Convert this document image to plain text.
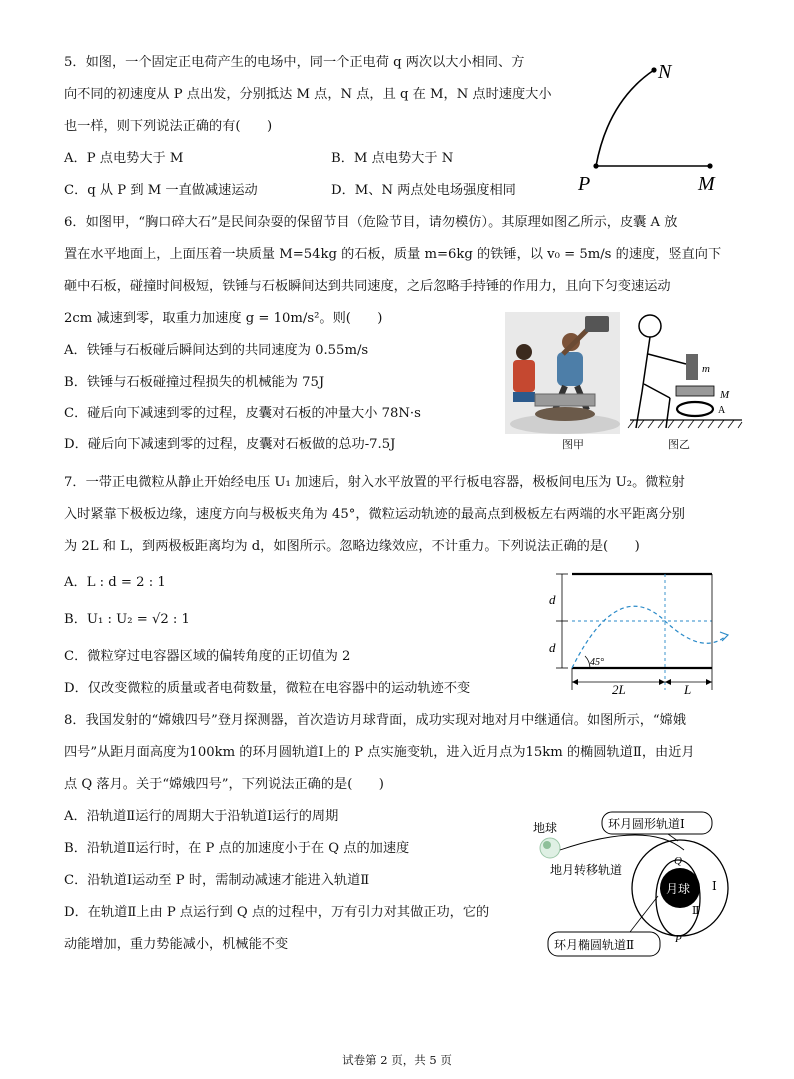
5．如图，一个固定正电荷产生的电场中，同一个正电荷 q 两次以大小相同、方
向不同的初速度从 P 点出发，分别抵达 M 点，N 点，且 q 在 M，N 点时速度大小
也一样，则下列说法正确的有(　　)
A．P 点电势大于 M	B．M 点电势大于 N
C．q 从 P 到 M 一直做减速运动	D．M、N 两点处电场强度相同
N
P	M
6．如图甲，“胸口碎大石”是民间杂耍的保留节目（危险节目，请勿模仿）。其原理如图乙所示，皮囊 A 放
置在水平地面上，上面压着一块质量 M=54kg 的石板，质量 m=6kg 的铁锤，以 v₀ = 5m/s 的速度，竖直向下
砸中石板，碰撞时间极短，铁锤与石板瞬间达到共同速度，之后忽略手持锤的作用力，且向下匀变速运动
2cm 减速到零，取重力加速度 g = 10m/s²。则(　　)
A．铁锤与石板碰后瞬间达到的共同速度为 0.55m/s
B．铁锤与石板碰撞过程损失的机械能为 75J
C．碰后向下减速到零的过程，皮囊对石板的冲量大小 78N·s
D．碰后向下减速到零的过程，皮囊对石板做的总功-7.5J
m
M
A
图甲	图乙
7．一带正电微粒从静止开始经电压 U₁ 加速后，射入水平放置的平行板电容器，极板间电压为 U₂。微粒射
入时紧靠下极板边缘，速度方向与极板夹角为 45°，微粒运动轨迹的最高点到极板左右两端的水平距离分别
为 2L 和 L，到两极板距离均为 d，如图所示。忽略边缘效应，不计重力。下列说法正确的是(　　)
A．L : d = 2 : 1
B．U₁ : U₂ = √2 : 1
C．微粒穿过电容器区域的偏转角度的正切值为 2
D．仅改变微粒的质量或者电荷数量，微粒在电容器中的运动轨迹不变
d
d
45°
2L	L
8．我国发射的“嫦娥四号”登月探测器，首次造访月球背面，成功实现对地对月中继通信。如图所示，“嫦娥
四号”从距月面高度为100km 的环月圆轨道Ⅰ上的 P 点实施变轨，进入近月点为15km 的椭圆轨道Ⅱ，由近月
点 Q 落月。关于“嫦娥四号”，下列说法正确的是(　　)
A．沿轨道Ⅱ运行的周期大于沿轨道Ⅰ运行的周期
B．沿轨道Ⅱ运行时，在 P 点的加速度小于在 Q 点的加速度
C．沿轨道Ⅰ运动至 P 时，需制动减速才能进入轨道Ⅱ
D．在轨道Ⅱ上由 P 点运行到 Q 点的过程中，万有引力对其做正功，它的
动能增加，重力势能减小，机械能不变
地球
地月转移轨道
月球 Ⅰ
Ⅱ
Q
P
环月圆形轨道Ⅰ
环月椭圆轨道Ⅱ
试卷第 2 页，共 5 页
